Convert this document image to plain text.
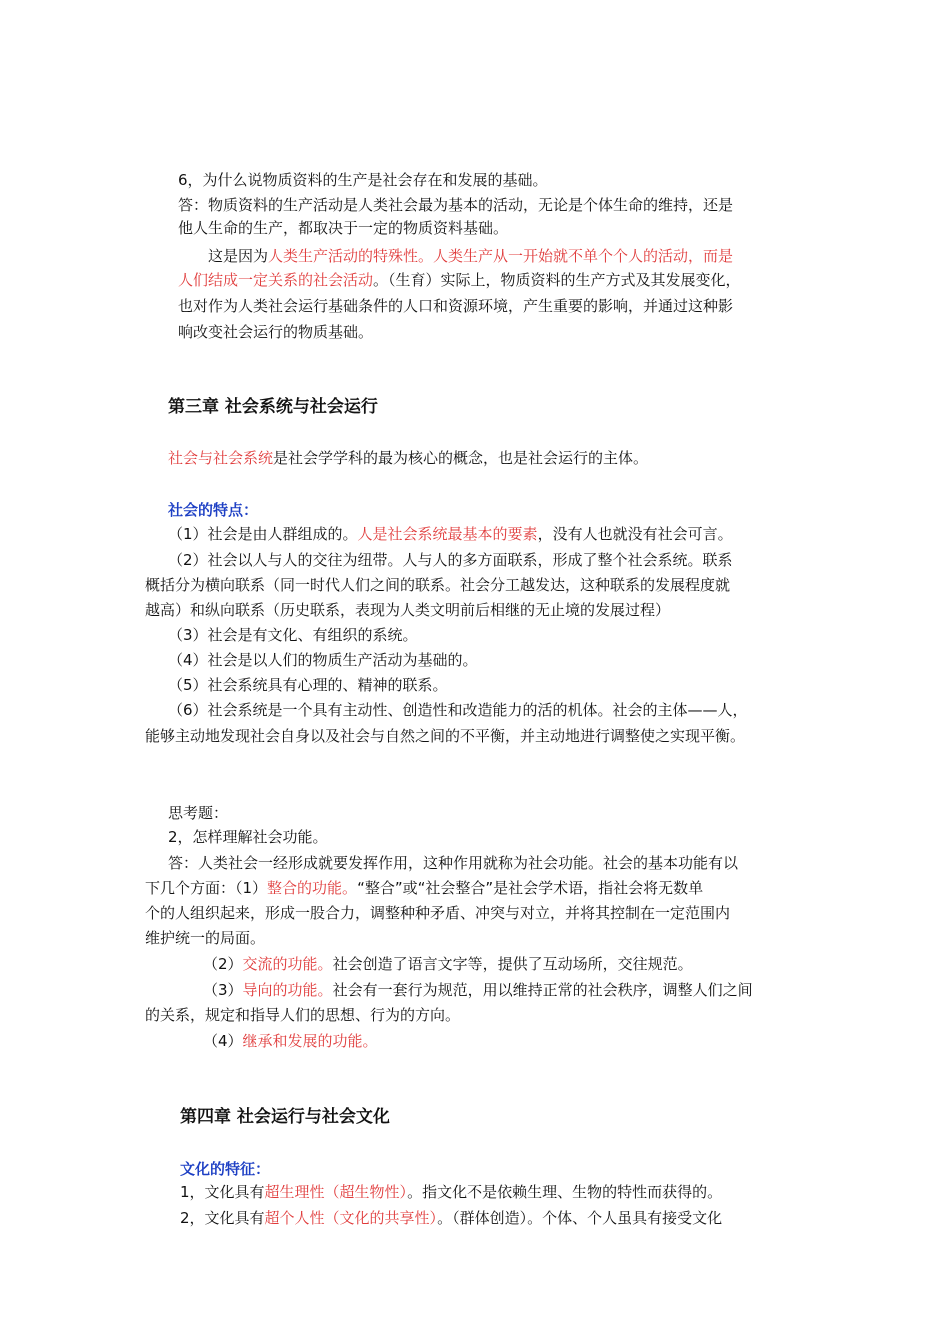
6，为什么说物质资料的生产是社会存在和发展的基础。
答：物质资料的生产活动是人类社会最为基本的活动，无论是个体生命的维持，还是
他人生命的生产，都取决于一定的物质资料基础。
这是因为人类生产活动的特殊性。人类生产从一开始就不单个个人的活动，而是
人们结成一定关系的社会活动。（生育）实际上，物质资料的生产方式及其发展变化，
也对作为人类社会运行基础条件的人口和资源环境，产生重要的影响，并通过这种影
响改变社会运行的物质基础。
第三章 社会系统与社会运行
社会与社会系统是社会学学科的最为核心的概念，也是社会运行的主体。
社会的特点：
（1）社会是由人群组成的。人是社会系统最基本的要素，没有人也就没有社会可言。
（2）社会以人与人的交往为纽带。人与人的多方面联系，形成了整个社会系统。联系
概括分为横向联系（同一时代人们之间的联系。社会分工越发达，这种联系的发展程度就
越高）和纵向联系（历史联系，表现为人类文明前后相继的无止境的发展过程）
（3）社会是有文化、有组织的系统。
（4）社会是以人们的物质生产活动为基础的。
（5）社会系统具有心理的、精神的联系。
（6）社会系统是一个具有主动性、创造性和改造能力的活的机体。社会的主体——人，
能够主动地发现社会自身以及社会与自然之间的不平衡，并主动地进行调整使之实现平衡。
思考题：
2，怎样理解社会功能。
答：人类社会一经形成就要发挥作用，这种作用就称为社会功能。社会的基本功能有以
下几个方面：（1）整合的功能。“整合”或“社会整合”是社会学术语，指社会将无数单
个的人组织起来，形成一股合力，调整种种矛盾、冲突与对立，并将其控制在一定范围内
维护统一的局面。
（2）交流的功能。社会创造了语言文字等，提供了互动场所，交往规范。
（3）导向的功能。社会有一套行为规范，用以维持正常的社会秩序，调整人们之间
的关系，规定和指导人们的思想、行为的方向。
（4）继承和发展的功能。
第四章 社会运行与社会文化
文化的特征：
1，文化具有超生理性（超生物性）。指文化不是依赖生理、生物的特性而获得的。
2，文化具有超个人性（文化的共享性）。（群体创造）。个体、个人虽具有接受文化
